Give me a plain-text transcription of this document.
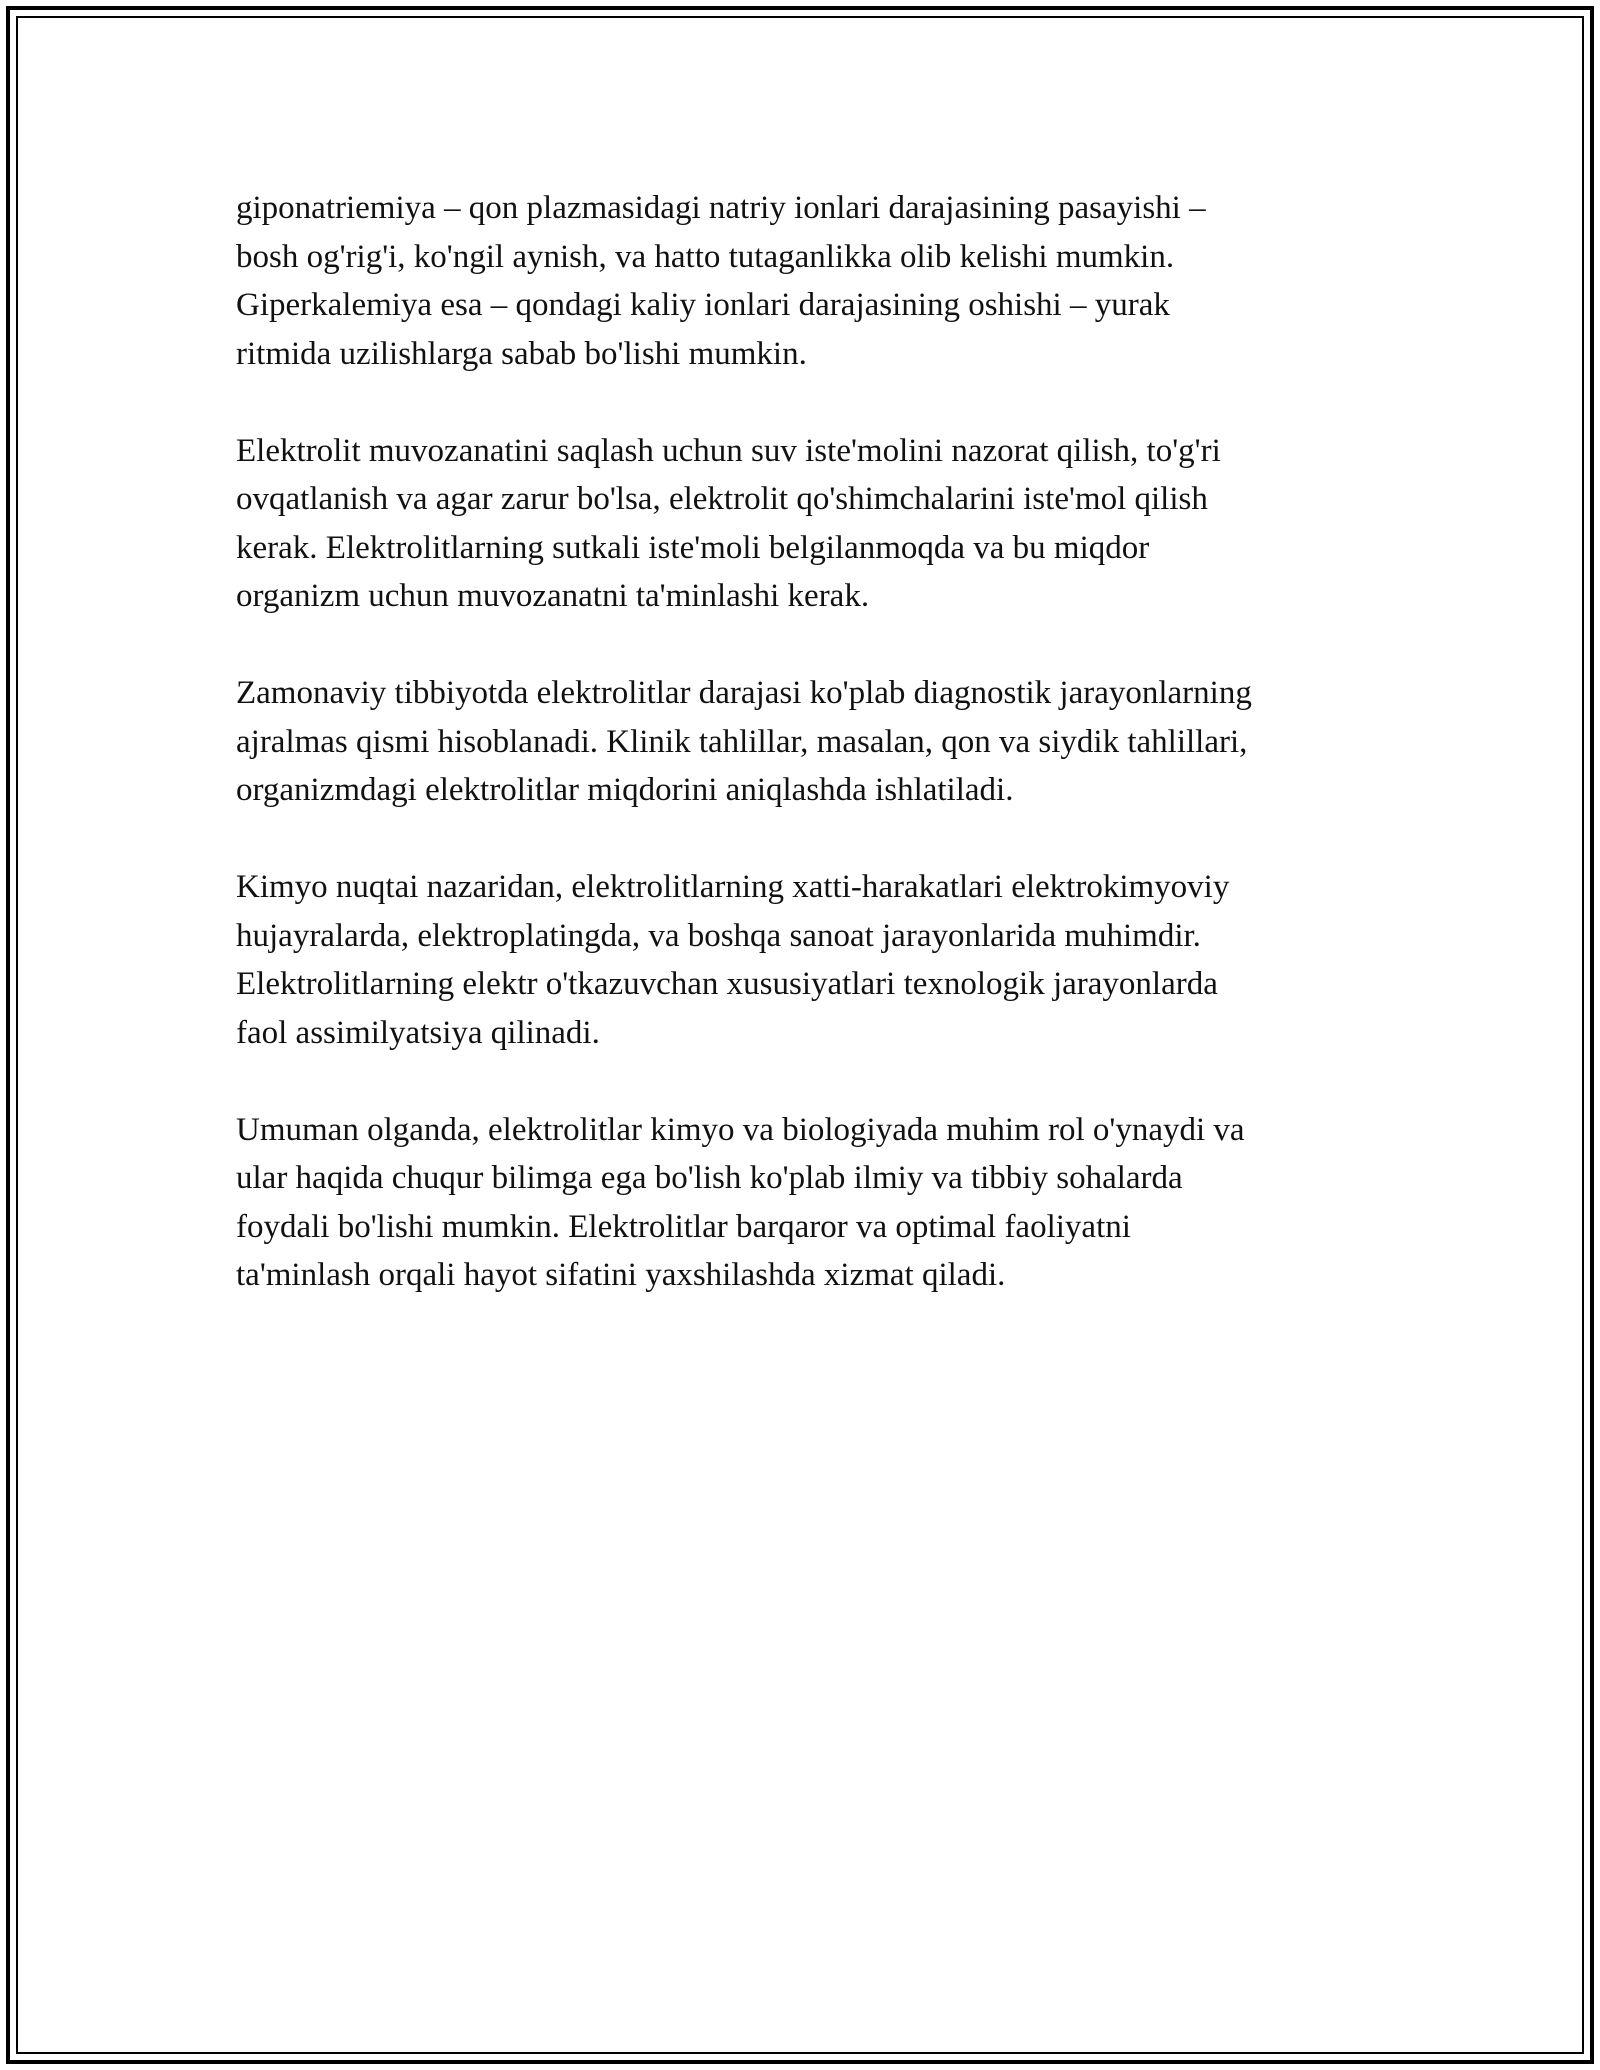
giponatriemiya – qon plazmasidagi natriy ionlari darajasining pasayishi –
bosh og'rig'i, ko'ngil aynish, va hatto tutaganlikka olib kelishi mumkin.
Giperkalemiya esa – qondagi kaliy ionlari darajasining oshishi – yurak
ritmida uzilishlarga sabab bo'lishi mumkin.

Elektrolit muvozanatini saqlash uchun suv iste'molini nazorat qilish, to'g'ri
ovqatlanish va agar zarur bo'lsa, elektrolit qo'shimchalarini iste'mol qilish
kerak. Elektrolitlarning sutkali iste'moli belgilanmoqda va bu miqdor
organizm uchun muvozanatni ta'minlashi kerak.

Zamonaviy tibbiyotda elektrolitlar darajasi ko'plab diagnostik jarayonlarning
ajralmas qismi hisoblanadi. Klinik tahlillar, masalan, qon va siydik tahlillari,
organizmdagi elektrolitlar miqdorini aniqlashda ishlatiladi.

Kimyo nuqtai nazaridan, elektrolitlarning xatti-harakatlari elektrokimyoviy
hujayralarda, elektroplatingda, va boshqa sanoat jarayonlarida muhimdir.
Elektrolitlarning elektr o'tkazuvchan xususiyatlari texnologik jarayonlarda
faol assimilyatsiya qilinadi.

Umuman olganda, elektrolitlar kimyo va biologiyada muhim rol o'ynaydi va
ular haqida chuqur bilimga ega bo'lish ko'plab ilmiy va tibbiy sohalarda
foydali bo'lishi mumkin. Elektrolitlar barqaror va optimal faoliyatni
ta'minlash orqali hayot sifatini yaxshilashda xizmat qiladi.
